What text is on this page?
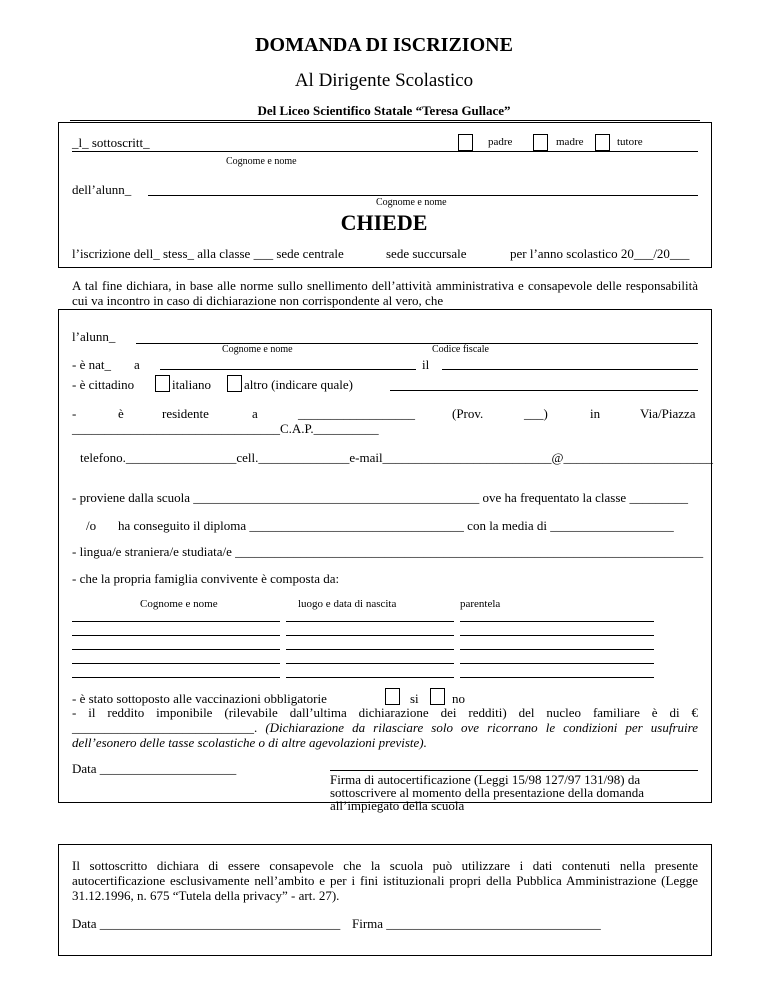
DOMANDA DI ISCRIZIONE
Al Dirigente Scolastico
Del Liceo Scientifico Statale “Teresa Gullace”
_l_ sottoscritt_	padre	madre	tutore
Cognome e nome
dell’alunn_
Cognome e nome
CHIEDE
l’iscrizione dell_ stess_ alla classe ___ sede centrale	sede succursale	per l’anno scolastico 20___/20___
A tal fine dichiara, in base alle norme sullo snellimento dell’attività amministrativa e consapevole delle responsabilità cui va incontro in caso di dichiarazione non corrispondente al vero, che
l’alunn_
Cognome e nome	Codice fiscale
- è nat_ a	il
- è cittadino	italiano	altro (indicare quale)
-	è	residente	a	__________________	(Prov.	___)	in	Via/Piazza
________________________________C.A.P.__________
telefono._________________cell.______________e-mail__________________________@_______________________
- proviene dalla scuola ____________________________________________ ove ha frequentato la classe _________
/o ha conseguito il diploma _________________________________ con la media di ___________________
- lingua/e straniera/e studiata/e ________________________________________________________________________
- che la propria famiglia convivente è composta da:
Cognome e nome	luogo e data di nascita	parentela
- è stato sottoposto alle vaccinazioni obbligatorie	si	no
- il reddito imponibile (rilevabile dall’ultima dichiarazione dei redditi) del nucleo familiare è di €
____________________________. (Dichiarazione da rilasciare solo ove ricorrano le condizioni per usufruire dell’esonero delle tasse scolastiche o di altre agevolazioni previste).
Data _____________________
Firma di autocertificazione (Leggi 15/98 127/97 131/98) da sottoscrivere al momento della presentazione della domanda all’impiegato della scuola
Il sottoscritto dichiara di essere consapevole che la scuola può utilizzare i dati contenuti nella presente autocertificazione esclusivamente nell’ambito e per i fini istituzionali propri della Pubblica Amministrazione (Legge 31.12.1996, n. 675 “Tutela della privacy” - art. 27).
Data _____________________________________ Firma _________________________________
